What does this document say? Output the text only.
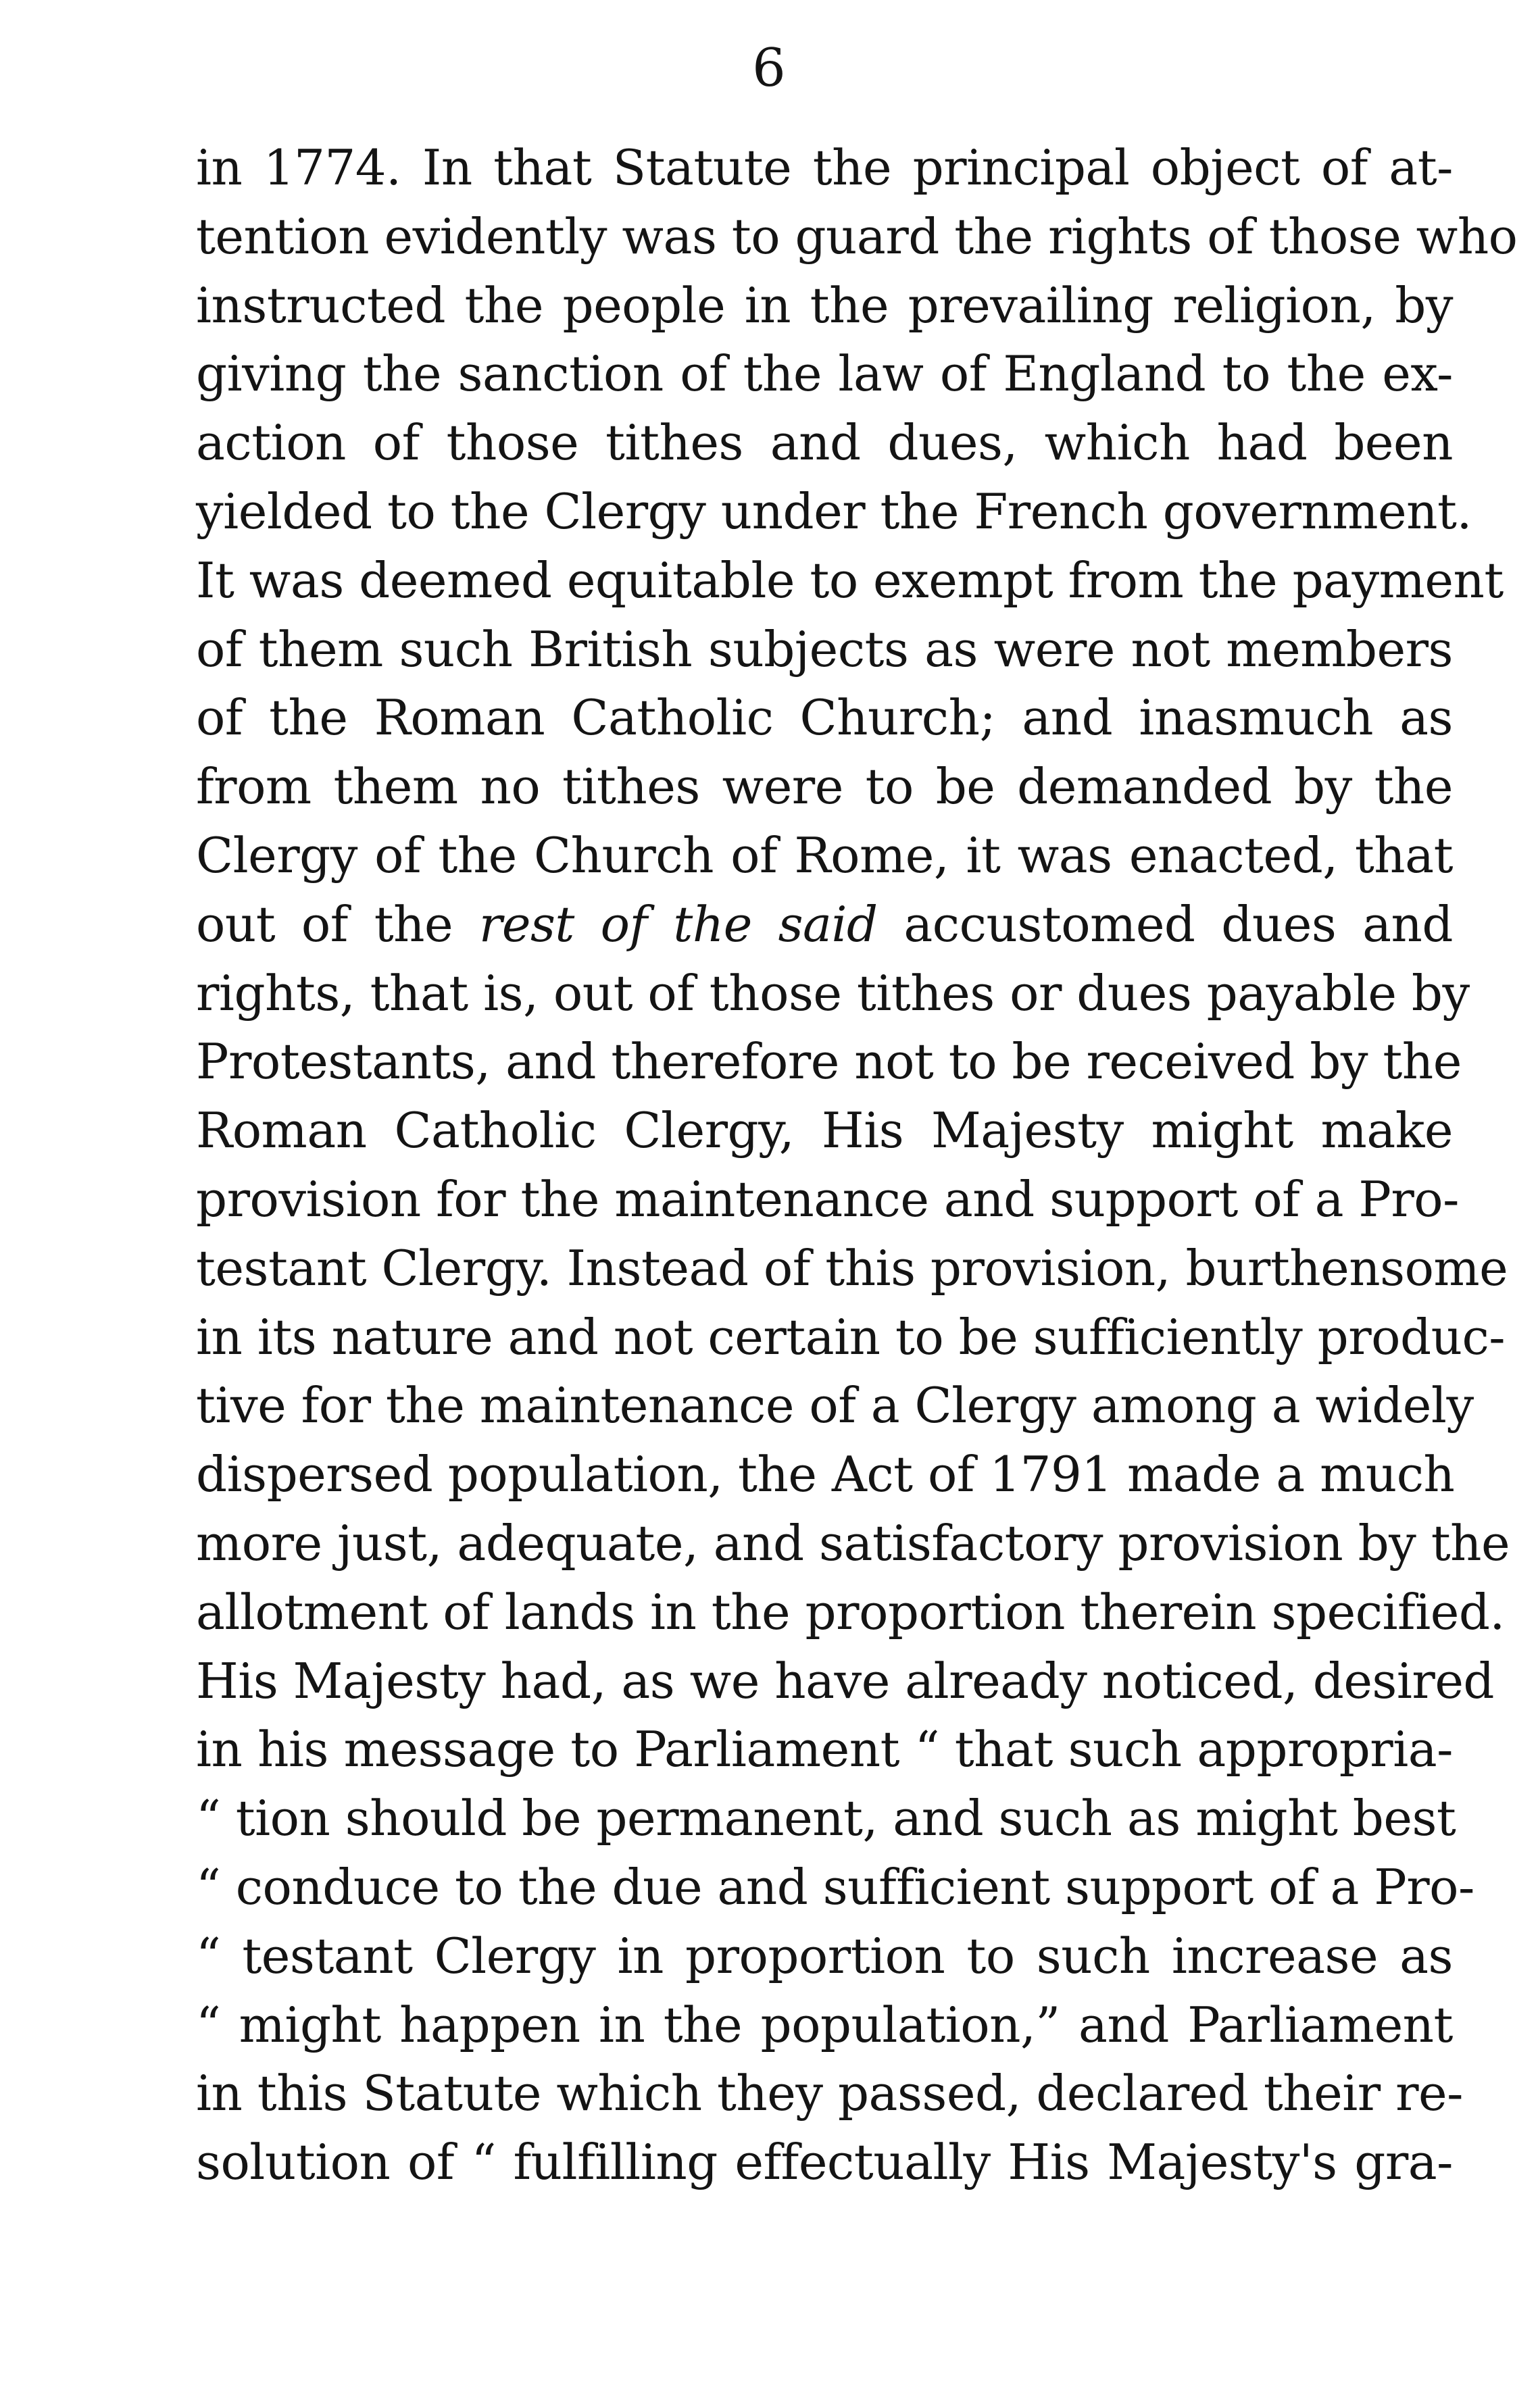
6
in 1774. In that Statute the principal object of at-
tention evidently was to guard the rights of those who
instructed the people in the prevailing religion, by
giving the sanction of the law of England to the ex-
action of those tithes and dues, which had been
yielded to the Clergy under the French government.
It was deemed equitable to exempt from the payment
of them such British subjects as were not members
of the Roman Catholic Church; and inasmuch as
from them no tithes were to be demanded by the
Clergy of the Church of Rome, it was enacted, that
out of the rest of the said accustomed dues and
rights, that is, out of those tithes or dues payable by
Protestants, and therefore not to be received by the
Roman Catholic Clergy, His Majesty might make
provision for the maintenance and support of a Pro-
testant Clergy. Instead of this provision, burthensome
in its nature and not certain to be sufficiently produc-
tive for the maintenance of a Clergy among a widely
dispersed population, the Act of 1791 made a much
more just, adequate, and satisfactory provision by the
allotment of lands in the proportion therein specified.
His Majesty had, as we have already noticed, desired
in his message to Parliament “ that such appropria-
“ tion should be permanent, and such as might best
“ conduce to the due and sufficient support of a Pro-
“ testant Clergy in proportion to such increase as
“ might happen in the population,” and Parliament
in this Statute which they passed, declared their re-
solution of “ fulfilling effectually His Majesty's gra-
